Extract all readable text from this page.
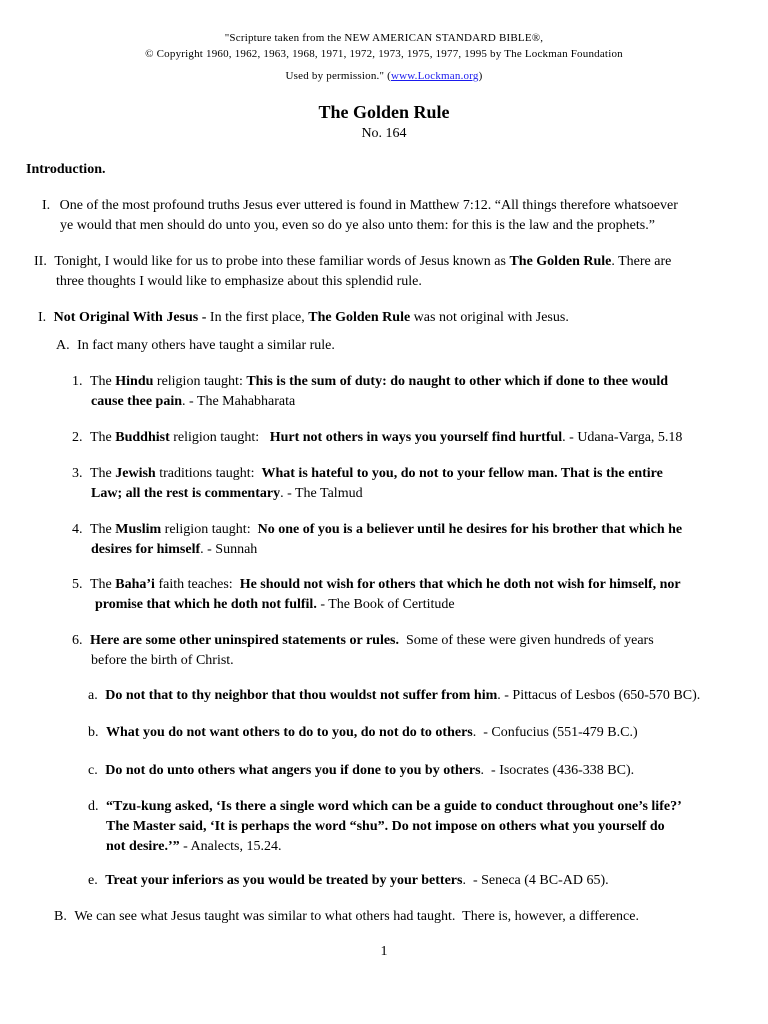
"Scripture taken from the NEW AMERICAN STANDARD BIBLE®,
© Copyright 1960, 1962, 1963, 1968, 1971, 1972, 1973, 1975, 1977, 1995 by The Lockman Foundation
Used by permission." (www.Lockman.org)
The Golden Rule
No. 164
Introduction.
I. One of the most profound truths Jesus ever uttered is found in Matthew 7:12. “All things therefore whatsoever
ye would that men should do unto you, even so do ye also unto them: for this is the law and the prophets.”
II. Tonight, I would like for us to probe into these familiar words of Jesus known as The Golden Rule. There are
three thoughts I would like to emphasize about this splendid rule.
I. Not Original With Jesus - In the first place, The Golden Rule was not original with Jesus.
A. In fact many others have taught a similar rule.
1. The Hindu religion taught: This is the sum of duty: do naught to other which if done to thee would
cause thee pain. - The Mahabharata
2. The Buddhist religion taught:   Hurt not others in ways you yourself find hurtful. - Udana-Varga, 5.18
3. The Jewish traditions taught:  What is hateful to you, do not to your fellow man. That is the entire
Law; all the rest is commentary. - The Talmud
4. The Muslim religion taught:  No one of you is a believer until he desires for his brother that which he
desires for himself. - Sunnah
5. The Baha’i faith teaches:  He should not wish for others that which he doth not wish for himself, nor
promise that which he doth not fulfil. - The Book of Certitude
6. Here are some other uninspired statements or rules.  Some of these were given hundreds of years
before the birth of Christ.
a. Do not that to thy neighbor that thou wouldst not suffer from him. - Pittacus of Lesbos (650-570 BC).
b. What you do not want others to do to you, do not do to others.  - Confucius (551-479 B.C.)
c. Do not do unto others what angers you if done to you by others.  - Isocrates (436-338 BC).
d. “Tzu-kung asked, ‘Is there a single word which can be a guide to conduct throughout one’s life?’
The Master said, ‘It is perhaps the word “shu”. Do not impose on others what you yourself do
not desire.’” - Analects, 15.24.
e. Treat your inferiors as you would be treated by your betters.  - Seneca (4 BC-AD 65).
B. We can see what Jesus taught was similar to what others had taught.  There is, however, a difference.
1
